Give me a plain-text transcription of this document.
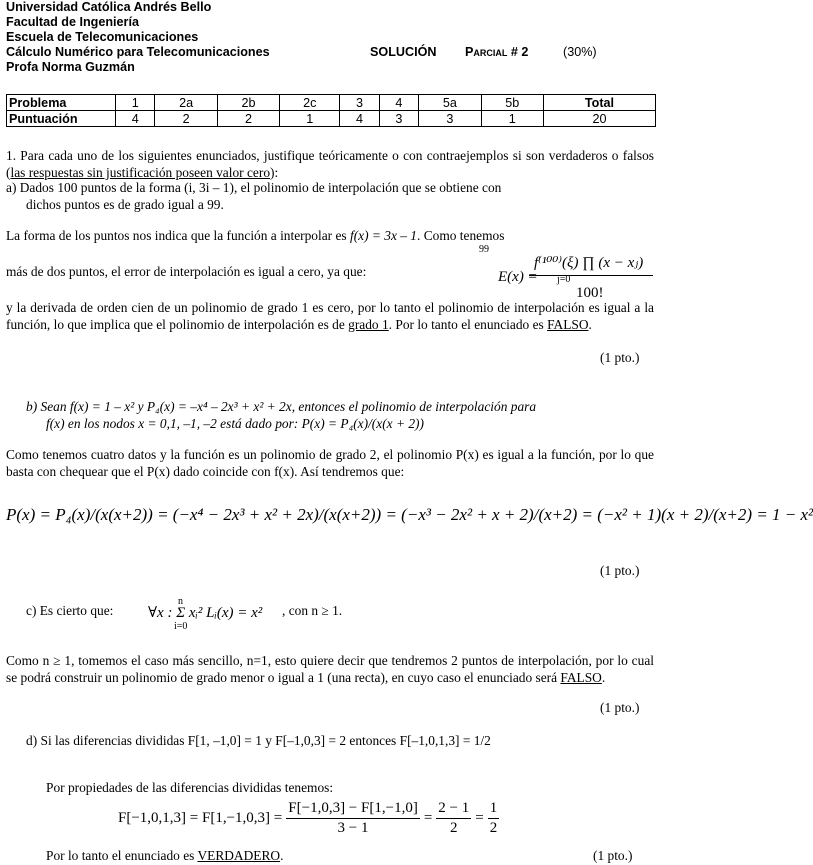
Universidad Católica Andrés Bello
Facultad de Ingeniería
Escuela de Telecomunicaciones
Cálculo Numérico para Telecomunicaciones	SOLUCIÓN Parcial # 2	(30%)
Profa Norma Guzmán
Problema	1	2a	2b	2c	3	4	5a	5b	Total
Puntuación	4	2	2	1	4	3	3	1	20
1. Para cada uno de los siguientes enunciados, justifique teóricamente o con contraejemplos si son verdaderos o falsos (las respuestas sin justificación poseen valor cero):
a) Dados 100 puntos de la forma (i, 3i – 1), el polinomio de interpolación que se obtiene con
dichos puntos es de grado igual a 99.
La forma de los puntos nos indica que la función a interpolar es f(x) = 3x – 1. Como tenemos
más de dos puntos, el error de interpolación es igual a cero, ya que:
99
f⁽¹⁰⁰⁾(ξ) ∏ (x − xⱼ)
E(x) = j=0
100!
y la derivada de orden cien de un polinomio de grado 1 es cero, por lo tanto el polinomio de interpolación es igual a la función, lo que implica que el polinomio de interpolación es de grado 1. Por lo tanto el enunciado es FALSO.
(1 pto.)
b) Sean f(x) = 1 – x² y P₄(x) = –x⁴ – 2x³ + x² + 2x, entonces el polinomio de interpolación para
f(x) en los nodos x = 0,1, –1, –2 está dado por: P(x) = P₄(x)/(x(x + 2))
Como tenemos cuatro datos y la función es un polinomio de grado 2, el polinomio P(x) es igual a la función, por lo que basta con chequear que el P(x) dado coincide con f(x). Así tendremos que:
P(x) = P₄(x)/(x(x+2)) = (−x⁴ − 2x³ + x² + 2x)/(x(x+2)) = (−x³ − 2x² + x + 2)/(x+2) = (−x² + 1)(x + 2)/(x+2) = 1 − x²
(1 pto.)
c) Es cierto que:
n
∀x : Σ xᵢ² Lᵢ(x) = x²
i=0
, con n ≥ 1.
Como n ≥ 1, tomemos el caso más sencillo, n=1, esto quiere decir que tendremos 2 puntos de interpolación, por lo cual se podrá construir un polinomio de grado menor o igual a 1 (una recta), en cuyo caso el enunciado será FALSO.
(1 pto.)
d) Si las diferencias divididas F[1, –1,0] = 1 y F[–1,0,3] = 2 entonces F[–1,0,1,3] = 1/2
Por propiedades de las diferencias divididas tenemos:
$F[-1,0,1,3] = F[1,-1,0,3] = \frac{F[-1,0,3] - F[1,-1,0]}{3 - 1} = \frac{2 - 1}{2} = \frac{1}{2}$
Por lo tanto el enunciado es VERDADERO.	(1 pto.)
